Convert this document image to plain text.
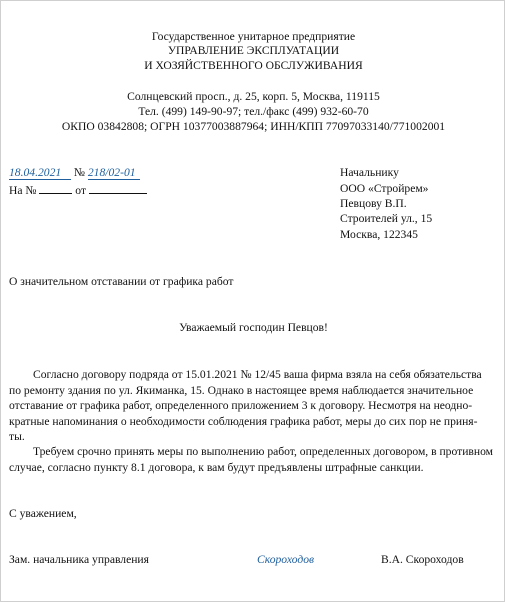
Государственное унитарное предприятие
УПРАВЛЕНИЕ ЭКСПЛУАТАЦИИ
И ХОЗЯЙСТВЕННОГО ОБСЛУЖИВАНИЯ
Солнцевский просп., д. 25, корп. 5, Москва, 119115
Тел. (499) 149-90-97; тел./факс (499) 932-60-70
ОКПО 03842808; ОГРН 10377003887964; ИНН/КПП 77097033140/771002001
18.04.2021 № 218/02-01
На №	от
Начальнику
ООО «Стройрем»
Певцову В.П.
Строителей ул., 15
Москва, 122345
О значительном отставании от графика работ
Уважаемый господин Певцов!
Согласно договору подряда от 15.01.2021 № 12/45 ваша фирма взяла на себя обязательства
по ремонту здания по ул. Якиманка, 15. Однако в настоящее время наблюдается значительное
отставание от графика работ, определенного приложением 3 к договору. Несмотря на неодно-
кратные напоминания о необходимости соблюдения графика работ, меры до сих пор не приня-
ты.
Требуем срочно принять меры по выполнению работ, определенных договором, в противном
случае, согласно пункту 8.1 договора, к вам будут предъявлены штрафные санкции.
С уважением,
Зам. начальника управления	Скороходов	В.А. Скороходов
